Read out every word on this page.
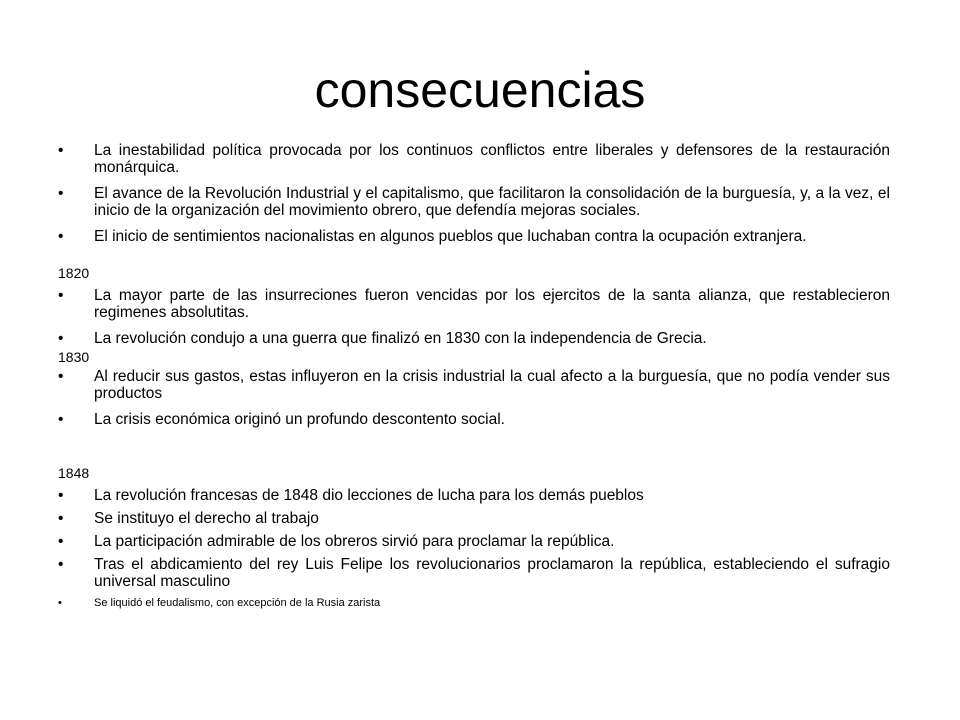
consecuencias
• La inestabilidad política provocada por los continuos conflictos entre liberales y defensores de la restauración monárquica.
• El avance de la Revolución Industrial y el capitalismo, que facilitaron la consolidación de la burguesía, y, a la vez, el inicio de la organización del movimiento obrero, que defendía mejoras sociales.
• El inicio de sentimientos nacionalistas en algunos pueblos que luchaban contra la ocupación extranjera.
1820
• La mayor parte de las insurreciones fueron vencidas por los ejercitos de la santa alianza, que restablecieron regimenes absolutitas.
• La revolución condujo a una guerra que finalizó en 1830 con la independencia de Grecia.
1830
• Al reducir sus gastos, estas influyeron en la crisis industrial la cual afecto a la burguesía, que no podía vender sus productos
• La crisis económica originó un profundo descontento social.
1848
• La revolución francesas de 1848 dio lecciones de lucha para los demás pueblos
• Se instituyo el derecho al trabajo
• La participación admirable de los obreros sirvió para proclamar la república.
• Tras el abdicamiento del rey Luis Felipe los revolucionarios proclamaron la república, estableciendo el sufragio universal masculino
•	Se liquidó el feudalismo, con excepción de la Rusia zarista
